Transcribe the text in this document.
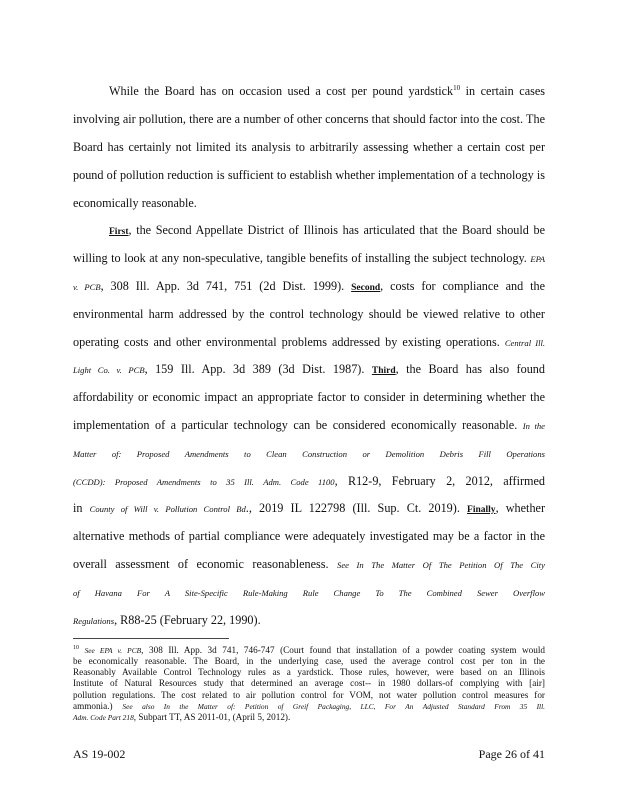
While the Board has on occasion used a cost per pound yardstick$^{10}$ in certain cases
involving air pollution, there are a number of other concerns that should factor into the cost. The
Board has certainly not limited its analysis to arbitrarily assessing whether a certain cost per
pound of pollution reduction is sufficient to establish whether implementation of a technology is
economically reasonable.
First, the Second Appellate District of Illinois has articulated that the Board should be
willing to look at any non-speculative, tangible benefits of installing the subject technology. EPA
v. PCB, 308 Ill. App. 3d 741, 751 (2d Dist. 1999). Second, costs for compliance and the
environmental harm addressed by the control technology should be viewed relative to other
operating costs and other environmental problems addressed by existing operations. Central Ill.
Light Co. v. PCB, 159 Ill. App. 3d 389 (3d Dist. 1987). Third, the Board has also found
affordability or economic impact an appropriate factor to consider in determining whether the
implementation of a particular technology can be considered economically reasonable. In the
Matter of: Proposed Amendments to Clean Construction or Demolition Debris Fill Operations
(CCDD): Proposed Amendments to 35 Ill. Adm. Code 1100, R12-9, February 2, 2012, affirmed
in County of Will v. Pollution Control Bd., 2019 IL 122798 (Ill. Sup. Ct. 2019). Finally, whether
alternative methods of partial compliance were adequately investigated may be a factor in the
overall assessment of economic reasonableness. See In The Matter Of The Petition Of The City
of Havana For A Site-Specific Rule-Making Rule Change To The Combined Sewer Overflow
Regulations, R88-25 (February 22, 1990).
$^{10}$ See EPA v. PCB, 308 Ill. App. 3d 741, 746-747 (Court found that installation of a powder coating system would
be economically reasonable. The Board, in the underlying case, used the average control cost per ton in the
Reasonably Available Control Technology rules as a yardstick. Those rules, however, were based on an Illinois
Institute of Natural Resources study that determined an average cost-- in 1980 dollars-of complying with [air]
pollution regulations. The cost related to air pollution control for VOM, not water pollution control measures for
ammonia.) See also In the Matter of: Petition of Greif Packaging, LLC, For An Adjusted Standard From 35 Ill.
Adm. Code Part 218, Subpart TT, AS 2011-01, (April 5, 2012).
AS 19-002	Page 26 of 41
